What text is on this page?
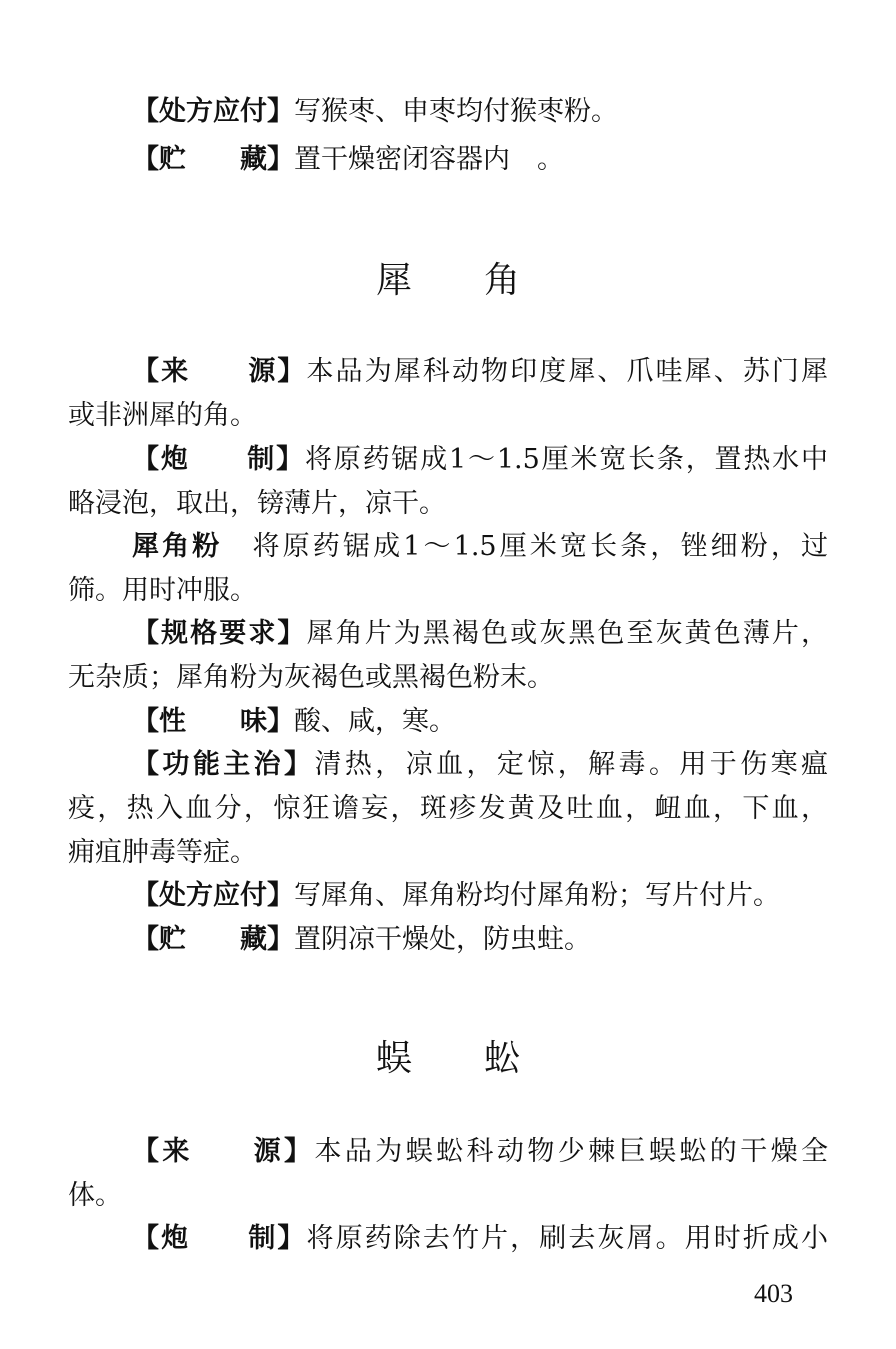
【处方应付】写猴枣、申枣均付猴枣粉。
【贮　　藏】置干燥密闭容器内　。
犀角
【来　　源】本品为犀科动物印度犀、爪哇犀、苏门犀
或非洲犀的角。
【炮　　制】将原药锯成1～1.5厘米宽长条，置热水中
略浸泡，取出，镑薄片，凉干。
犀角粉　 将原药锯成1～1.5厘米宽长条，锉细粉，过
筛。用时冲服。
【规格要求】犀角片为黑褐色或灰黑色至灰黄色薄片，
无杂质；犀角粉为灰褐色或黑褐色粉末。
【性　　味】酸、咸，寒。
【功能主治】清热，凉血，定惊，解毒。用于伤寒瘟
疫，热入血分，惊狂谵妄，斑疹发黄及吐血，衄血，下血，
痈疽肿毒等症。
【处方应付】写犀角、犀角粉均付犀角粉；写片付片。
【贮　　藏】置阴凉干燥处，防虫蛀。
蜈蚣
【来　　源】本品为蜈蚣科动物少棘巨蜈蚣的干燥全
体。
【炮　　制】将原药除去竹片，刷去灰屑。用时折成小
403
